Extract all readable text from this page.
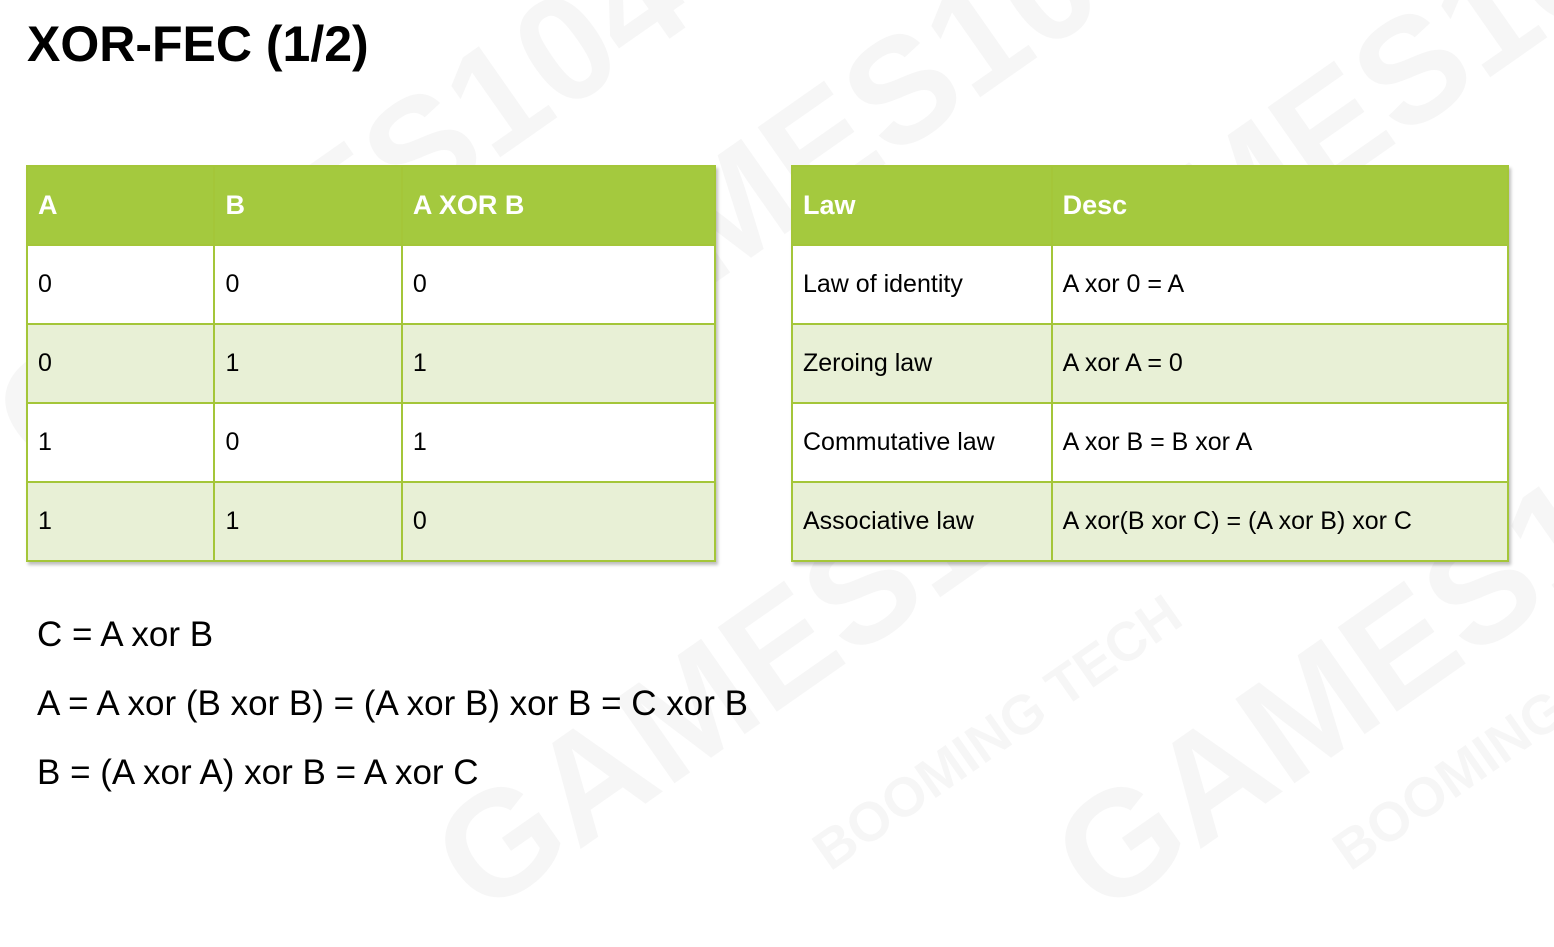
XOR-FEC (1/2)
A	B	A XOR B
0	0	0
0	1	1
1	0	1
1	1	0
Law	Desc
Law of identity	A xor 0 = A
Zeroing law	A xor A = 0
Commutative law	A xor B = B xor A
Associative law	A xor(B xor C) = (A xor B) xor C

C = A xor B

A = A xor (B xor B) = (A xor B) xor B = C xor B

B = (A xor A) xor B = A xor C
